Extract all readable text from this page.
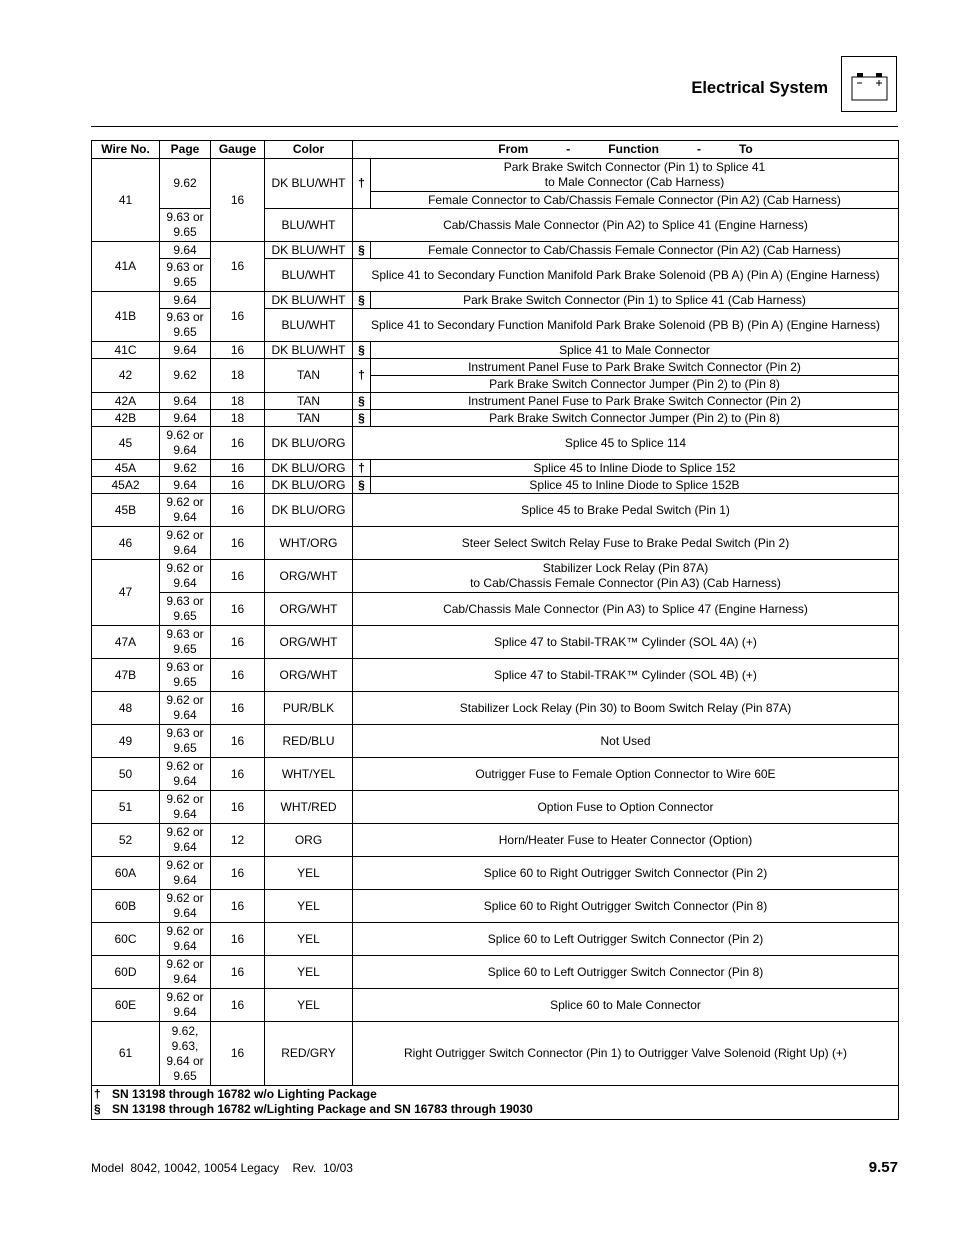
Electrical System
Wire No.	Page	Gauge	Color	From - Function - To	
41	9.62	16	DK BLU/WHT	†	Park Brake Switch Connector (Pin 1) to Splice 41
to Male Connector (Cab Harness)
					Female Connector to Cab/Chassis Female Connector (Pin A2) (Cab Harness)
	9.63 or
9.65		BLU/WHT	Cab/Chassis Male Connector (Pin A2) to Splice 41 (Engine Harness)	
41A	9.64	16	DK BLU/WHT	§	Female Connector to Cab/Chassis Female Connector (Pin A2) (Cab Harness)
	9.63 or
9.65		BLU/WHT	Splice 41 to Secondary Function Manifold Park Brake Solenoid (PB A) (Pin A) (Engine Harness)	
41B	9.64	16	DK BLU/WHT	§	Park Brake Switch Connector (Pin 1) to Splice 41 (Cab Harness)
	9.63 or
9.65		BLU/WHT	Splice 41 to Secondary Function Manifold Park Brake Solenoid (PB B) (Pin A) (Engine Harness)	
41C	9.64	16	DK BLU/WHT	§	Splice 41 to Male Connector
42	9.62	18	TAN	†	Instrument Panel Fuse to Park Brake Switch Connector (Pin 2)
					Park Brake Switch Connector Jumper (Pin 2) to (Pin 8)
42A	9.64	18	TAN	§	Instrument Panel Fuse to Park Brake Switch Connector (Pin 2)
42B	9.64	18	TAN	§	Park Brake Switch Connector Jumper (Pin 2) to (Pin 8)
45	9.62 or
9.64	16	DK BLU/ORG	Splice 45 to Splice 114	
45A	9.62	16	DK BLU/ORG	†	Splice 45 to Inline Diode to Splice 152
45A2	9.64	16	DK BLU/ORG	§	Splice 45 to Inline Diode to Splice 152B
45B	9.62 or
9.64	16	DK BLU/ORG	Splice 45 to Brake Pedal Switch (Pin 1)	
46	9.62 or
9.64	16	WHT/ORG	Steer Select Switch Relay Fuse to Brake Pedal Switch (Pin 2)	
47	9.62 or
9.64	16	ORG/WHT	Stabilizer Lock Relay (Pin 87A)
to Cab/Chassis Female Connector (Pin A3) (Cab Harness)	
	9.63 or
9.65	16	ORG/WHT	Cab/Chassis Male Connector (Pin A3) to Splice 47 (Engine Harness)	
47A	9.63 or
9.65	16	ORG/WHT	Splice 47 to Stabil-TRAK™ Cylinder (SOL 4A) (+)	
47B	9.63 or
9.65	16	ORG/WHT	Splice 47 to Stabil-TRAK™ Cylinder (SOL 4B) (+)	
48	9.62 or
9.64	16	PUR/BLK	Stabilizer Lock Relay (Pin 30) to Boom Switch Relay (Pin 87A)	
49	9.63 or
9.65	16	RED/BLU	Not Used	
50	9.62 or
9.64	16	WHT/YEL	Outrigger Fuse to Female Option Connector to Wire 60E	
51	9.62 or
9.64	16	WHT/RED	Option Fuse to Option Connector	
52	9.62 or
9.64	12	ORG	Horn/Heater Fuse to Heater Connector (Option)	
60A	9.62 or
9.64	16	YEL	Splice 60 to Right Outrigger Switch Connector (Pin 2)	
60B	9.62 or
9.64	16	YEL	Splice 60 to Right Outrigger Switch Connector (Pin 8)	
60C	9.62 or
9.64	16	YEL	Splice 60 to Left Outrigger Switch Connector (Pin 2)	
60D	9.62 or
9.64	16	YEL	Splice 60 to Left Outrigger Switch Connector (Pin 8)	
60E	9.62 or
9.64	16	YEL	Splice 60 to Male Connector	
61	9.62,
9.63,
9.64 or
9.65	16	RED/GRY	Right Outrigger Switch Connector (Pin 1) to Outrigger Valve Solenoid (Right Up) (+)	
† SN 13198 through 16782 w/o Lighting Package
§ SN 13198 through 16782 w/Lighting Package and SN 16783 through 19030					
Model  8042, 10042, 10054 Legacy    Rev.  10/03	9.57
